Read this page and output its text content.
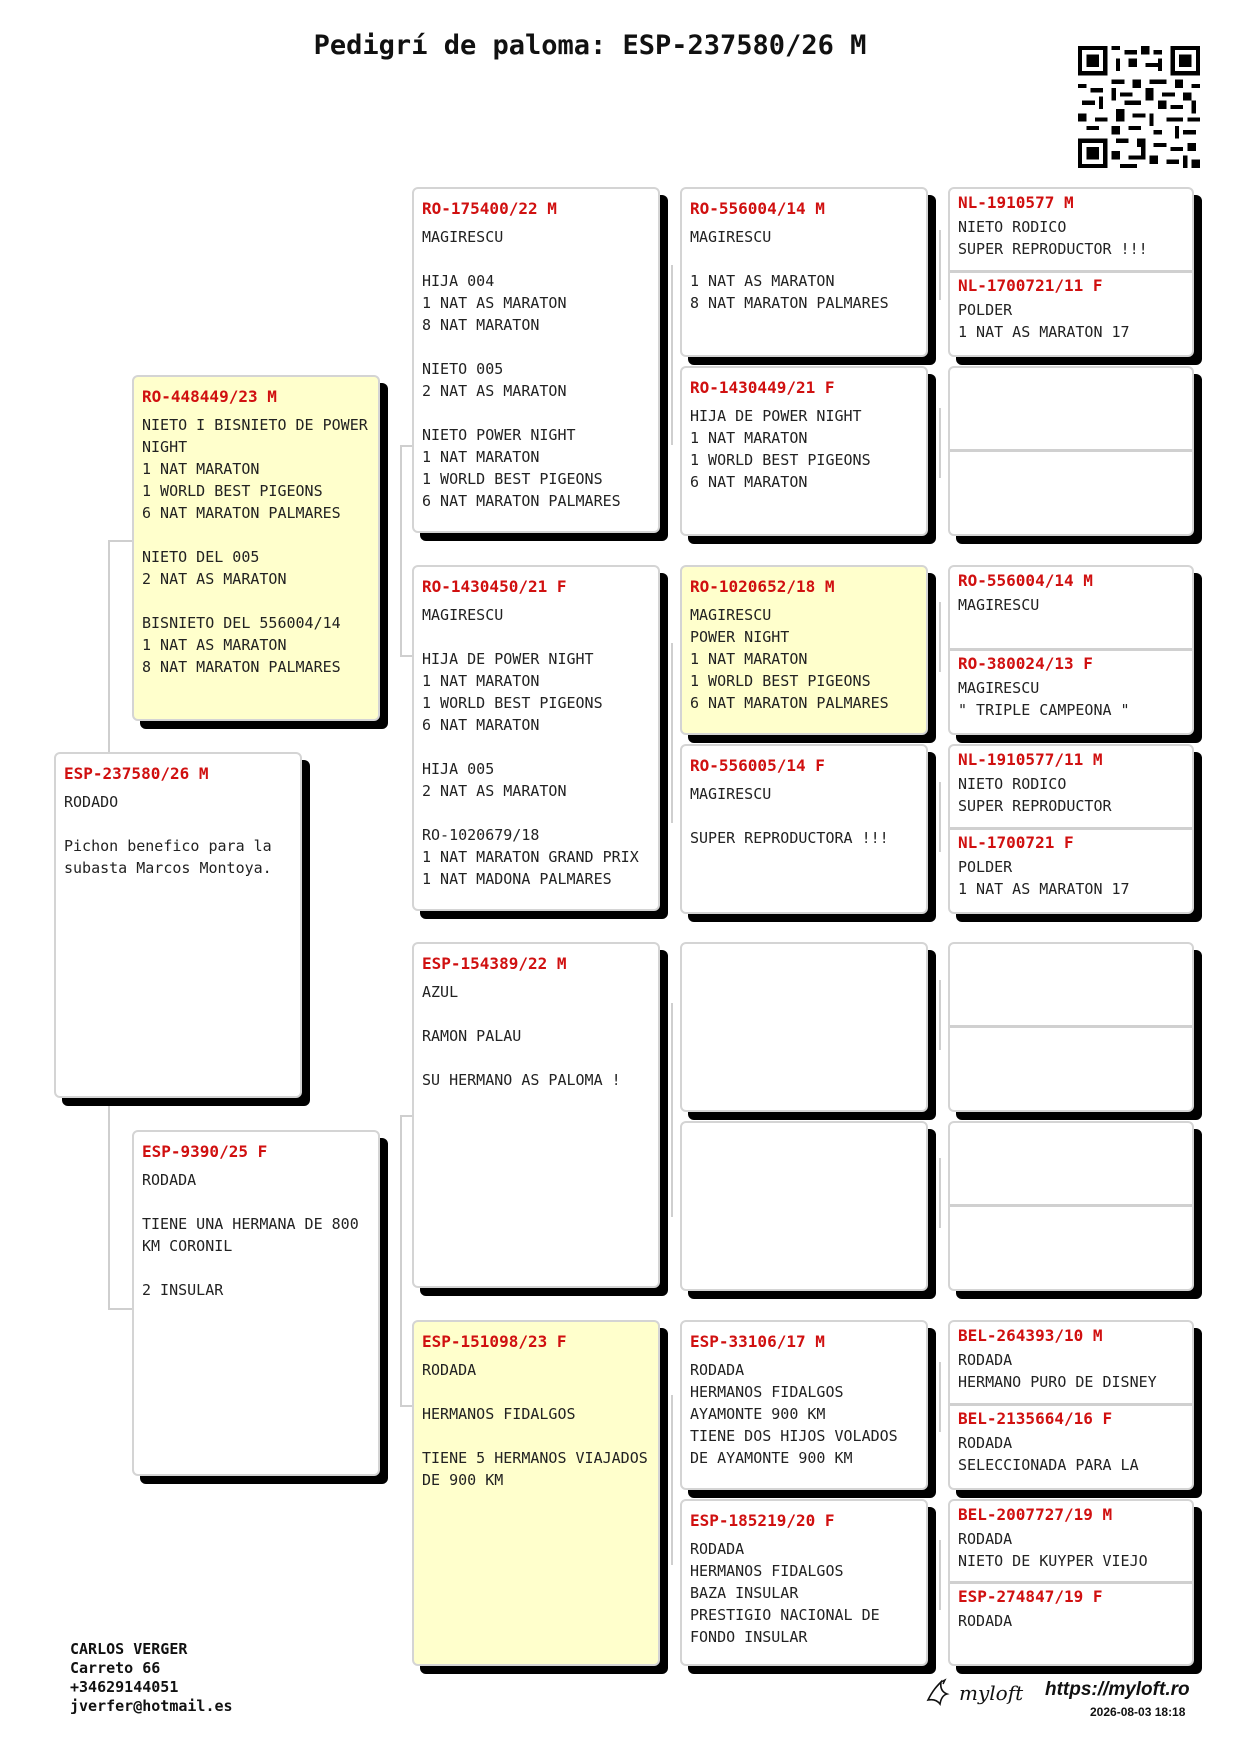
Pedigrí de paloma: ESP-237580/26 M
ESP-237580/26 M
RODADO

Pichon benefico para la subasta Marcos Montoya.
RO-448449/23 M
NIETO I BISNIETO DE POWER NIGHT
1 NAT MARATON
1 WORLD BEST PIGEONS
6 NAT MARATON PALMARES

NIETO DEL 005
2 NAT AS MARATON

BISNIETO DEL 556004/14
1 NAT AS MARATON
8 NAT MARATON PALMARES
ESP-9390/25 F
RODADA

TIENE UNA HERMANA DE 800 KM CORONIL

2 INSULAR
RO-175400/22 M
MAGIRESCU

HIJA 004
1 NAT AS MARATON
8 NAT MARATON

NIETO 005
2 NAT AS MARATON

NIETO POWER NIGHT
1 NAT MARATON
1 WORLD BEST PIGEONS
6 NAT MARATON PALMARES
RO-1430450/21 F
MAGIRESCU

HIJA DE POWER NIGHT
1 NAT MARATON
1 WORLD BEST PIGEONS
6 NAT MARATON

HIJA 005
2 NAT AS MARATON

RO-1020679/18
1 NAT MARATON GRAND PRIX
1 NAT MADONA PALMARES
ESP-154389/22 M
AZUL

RAMON PALAU

SU HERMANO AS PALOMA !
ESP-151098/23 F
RODADA

HERMANOS FIDALGOS

TIENE 5 HERMANOS VIAJADOS DE 900 KM
RO-556004/14 M
MAGIRESCU

1 NAT AS MARATON
8 NAT MARATON PALMARES
RO-1430449/21 F
HIJA DE POWER NIGHT
1 NAT MARATON
1 WORLD BEST PIGEONS
6 NAT MARATON
RO-1020652/18 M
MAGIRESCU
POWER NIGHT
1 NAT MARATON
1 WORLD BEST PIGEONS
6 NAT MARATON PALMARES
RO-556005/14 F
MAGIRESCU

SUPER REPRODUCTORA !!!
ESP-33106/17 M
RODADA
HERMANOS FIDALGOS
AYAMONTE 900 KM
TIENE DOS HIJOS VOLADOS DE AYAMONTE 900 KM
ESP-185219/20 F
RODADA
HERMANOS FIDALGOS
BAZA INSULAR
PRESTIGIO NACIONAL DE FONDO INSULAR
NL-1910577 M
NIETO RODICO
SUPER REPRODUCTOR !!!
NL-1700721/11 F
POLDER
1 NAT AS MARATON 17
RO-556004/14 M
MAGIRESCU
RO-380024/13 F
MAGIRESCU
" TRIPLE CAMPEONA "
NL-1910577/11 M
NIETO RODICO
SUPER REPRODUCTOR
NL-1700721 F
POLDER
1 NAT AS MARATON 17
BEL-264393/10 M
RODADA
HERMANO PURO DE DISNEY
BEL-2135664/16 F
RODADA
SELECCIONADA PARA LA
BEL-2007727/19 M
RODADA
NIETO DE KUYPER VIEJO
ESP-274847/19 F
RODADA
CARLOS VERGER
Carreto 66
+34629144051
jverfer@hotmail.es
myloft https://myloft.ro
2026-08-03 18:18
